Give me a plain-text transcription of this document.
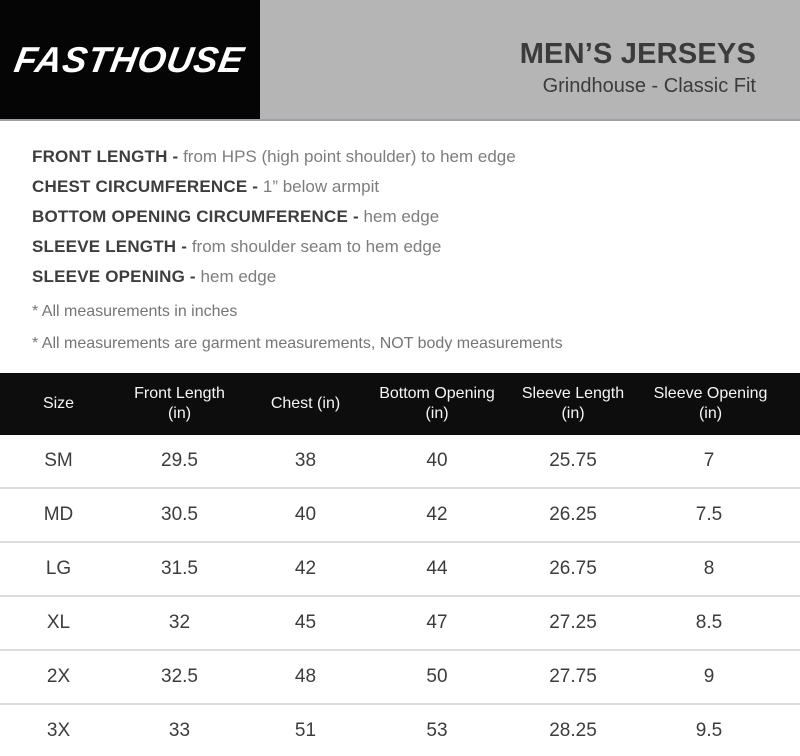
FASTHOUSE	MEN’S JERSEYS
Grindhouse - Classic Fit
FRONT LENGTH - from HPS (high point shoulder) to hem edge
CHEST CIRCUMFERENCE - 1” below armpit
BOTTOM OPENING CIRCUMFERENCE - hem edge
SLEEVE LENGTH - from shoulder seam to hem edge
SLEEVE OPENING - hem edge
* All measurements in inches
* All measurements are garment measurements, NOT body measurements
Size	Front Length (in)	Chest (in)	Bottom Opening (in)	Sleeve Length (in)	Sleeve Opening (in)
SM	29.5	38	40	25.75	7
MD	30.5	40	42	26.25	7.5
LG	31.5	42	44	26.75	8
XL	32	45	47	27.25	8.5
2X	32.5	48	50	27.75	9
3X	33	51	53	28.25	9.5
